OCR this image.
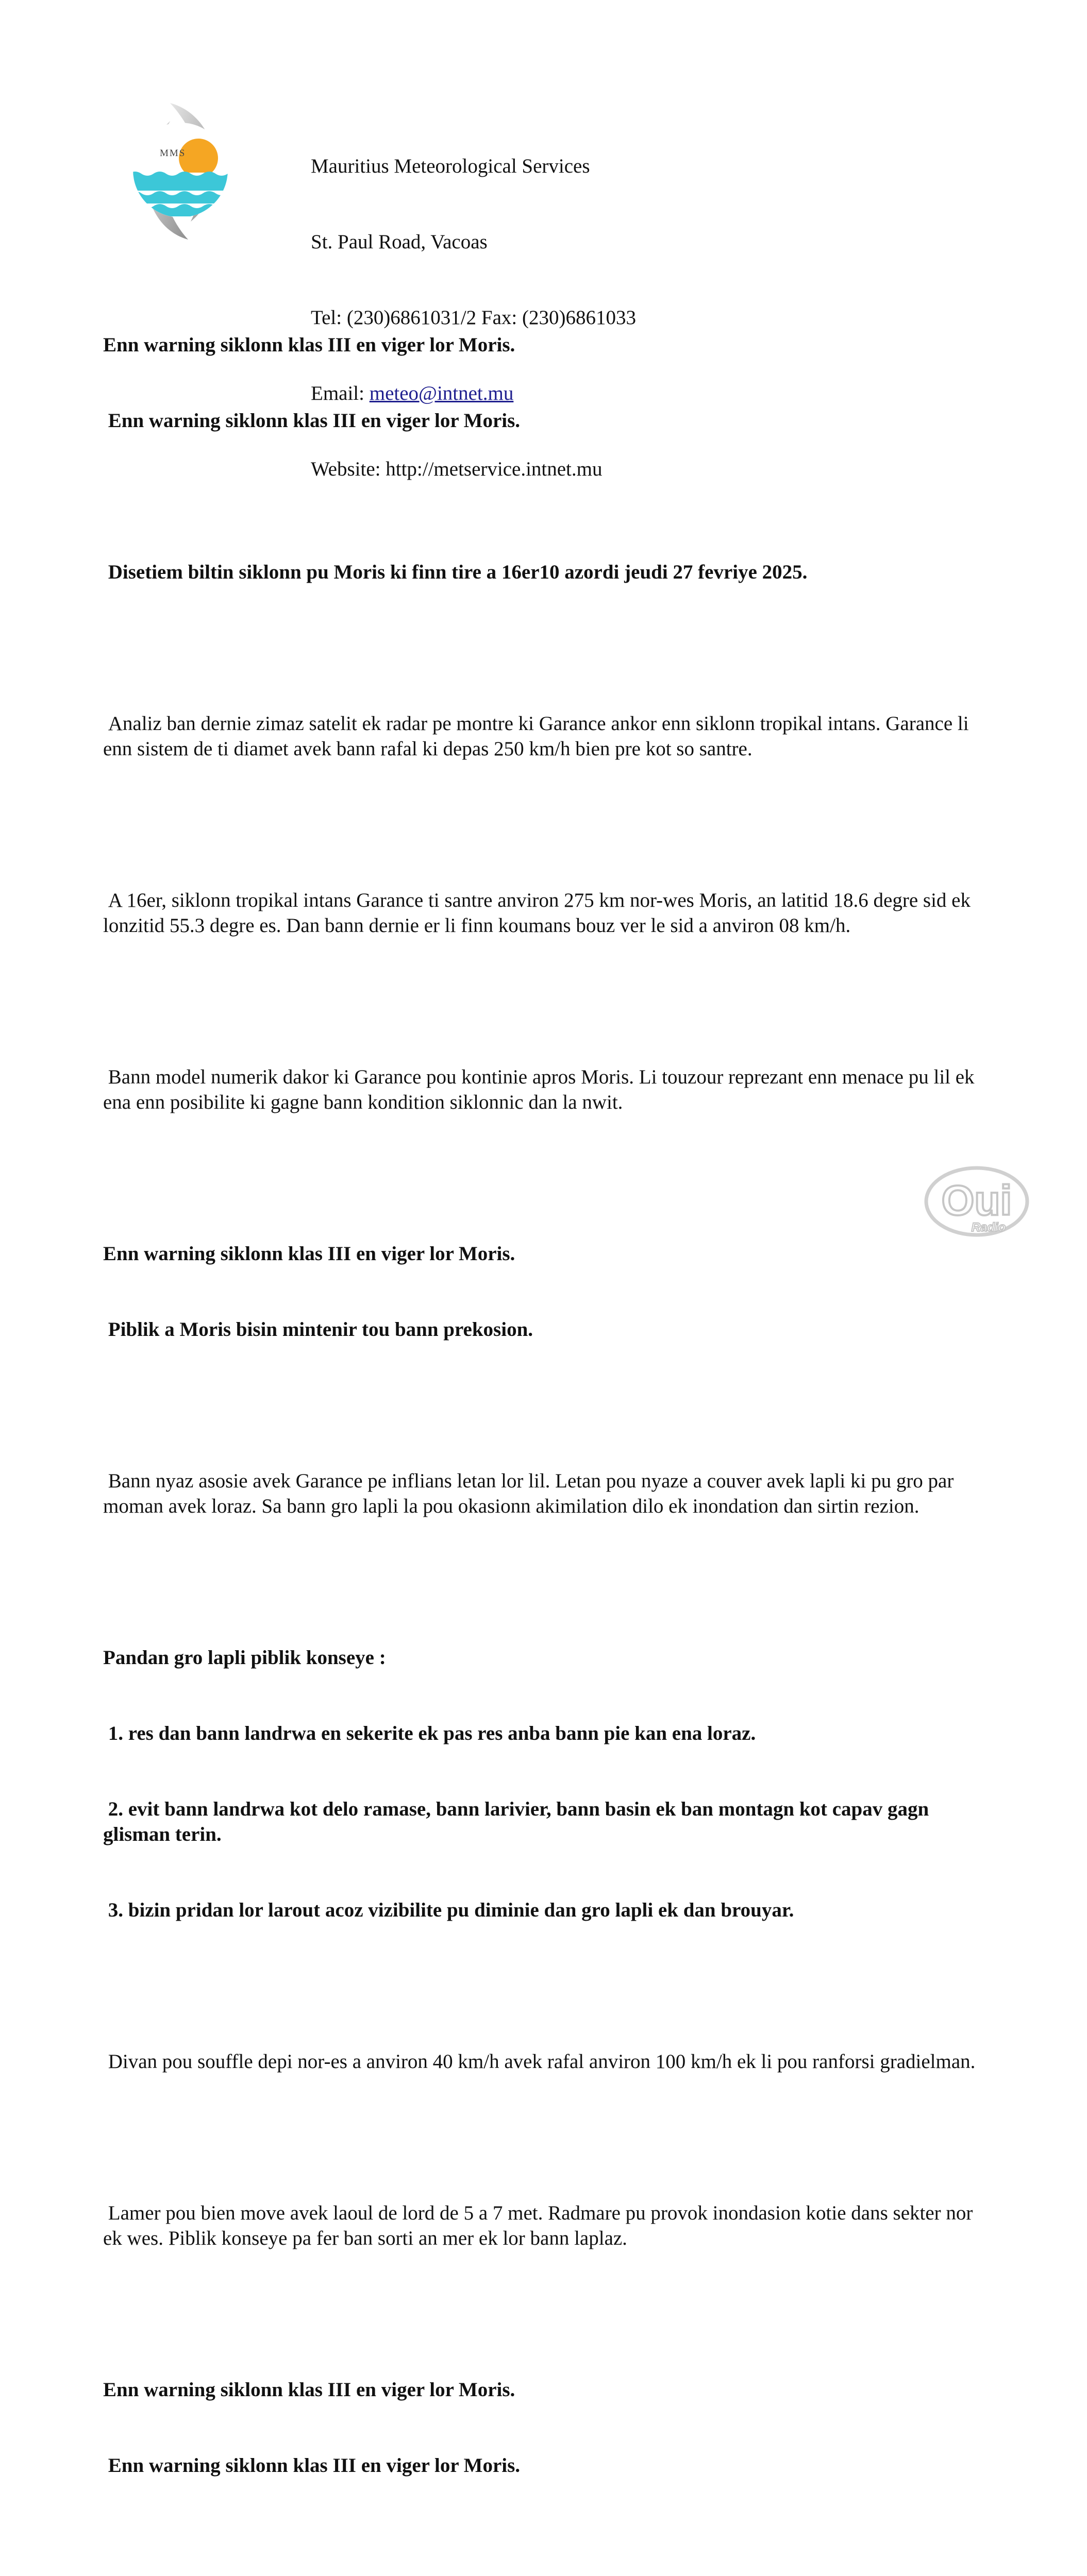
MMS

Mauritius Meteorological Services

St. Paul Road, Vacoas

Tel: (230)6861031/2 Fax: (230)6861033

Email: meteo@intnet.mu

Website: http://metservice.intnet.mu

Enn warning siklonn klas III en viger lor Moris.

Enn warning siklonn klas III en viger lor Moris.

Disetiem biltin siklonn pu Moris ki finn tire a 16er10 azordi jeudi 27 fevriye 2025.

Analiz ban dernie zimaz satelit ek radar pe montre ki Garance ankor enn siklonn tropikal intans. Garance li enn sistem de ti diamet avek bann rafal ki depas 250 km/h bien pre kot so santre.

A 16er, siklonn tropikal intans Garance ti santre anviron 275 km nor-wes Moris, an latitid 18.6 degre sid ek lonzitid 55.3 degre es. Dan bann dernie er li finn koumans bouz ver le sid a anviron 08 km/h.

Bann model numerik dakor ki Garance pou kontinie apros Moris. Li touzour reprezant enn menace pu lil ek ena enn posibilite ki gagne bann kondition siklonnic dan la nwit.

Enn warning siklonn klas III en viger lor Moris.

Piblik a Moris bisin mintenir tou bann prekosion.

Bann nyaz asosie avek Garance pe inflians letan lor lil. Letan pou nyaze a couver avek lapli ki pu gro par moman avek loraz. Sa bann gro lapli la pou okasionn akimilation dilo ek inondation dan sirtin rezion.

Pandan gro lapli piblik konseye :

1. res dan bann landrwa en sekerite ek pas res anba bann pie kan ena loraz.

2. evit bann landrwa kot delo ramase, bann larivier, bann basin ek ban montagn kot capav gagn glisman terin.

3. bizin pridan lor larout acoz vizibilite pu diminie dan gro lapli ek dan brouyar.

Divan pou souffle depi nor-es a anviron 40 km/h avek rafal anviron 100 km/h ek li pou ranforsi gradielman.

Lamer pou bien move avek laoul de lord de 5 a 7 met. Radmare pu provok inondasion kotie dans sekter nor ek wes. Piblik konseye pa fer ban sorti an mer ek lor bann laplaz.

Enn warning siklonn klas III en viger lor Moris.

Enn warning siklonn klas III en viger lor Moris.

Oui
Radio
